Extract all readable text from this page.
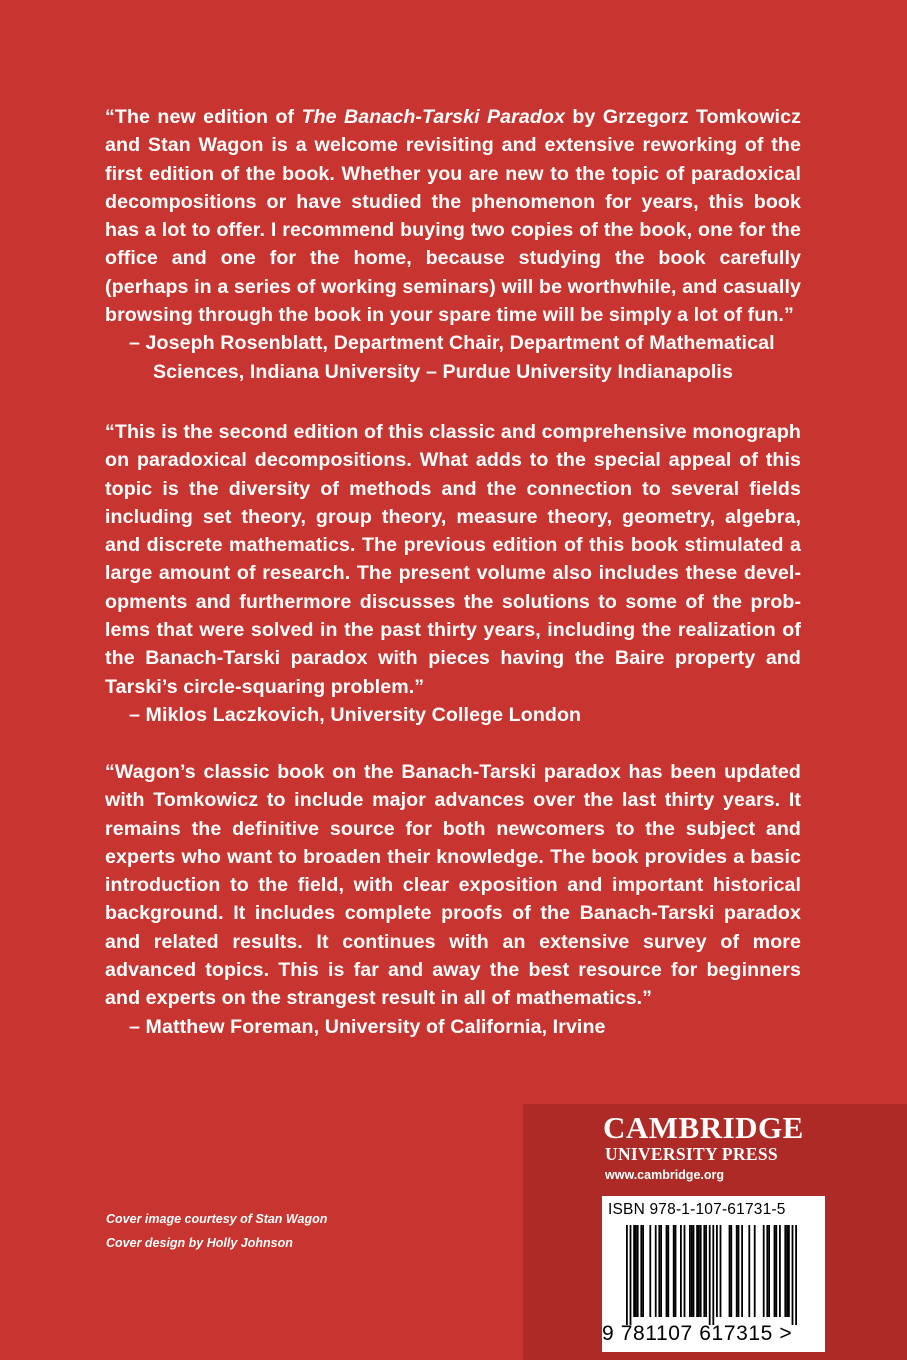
“The new edition of The Banach-Tarski Paradox by Grzegorz Tomkowicz and Stan Wagon is a welcome revisiting and extensive reworking of the first edition of the book. Whether you are new to the topic of paradoxical decompositions or have studied the phenomenon for years, this book has a lot to offer. I recommend buying two copies of the book, one for the office and one for the home, because studying the book carefully (perhaps in a series of working seminars) will be worthwhile, and casually browsing through the book in your spare time will be simply a lot of fun.”

– Joseph Rosenblatt, Department Chair, Department of Mathematical Sciences, Indiana University – Purdue University Indianapolis

“This is the second edition of this classic and comprehensive monograph on paradoxical decompositions. What adds to the special appeal of this topic is the diversity of methods and the connection to several fields including set theory, group theory, measure theory, geometry, algebra, and discrete mathematics. The previous edition of this book stimulated a large amount of research. The present volume also includes these developments and furthermore discusses the solutions to some of the problems that were solved in the past thirty years, including the realization of the Banach-Tarski paradox with pieces having the Baire property and Tarski’s circle-squaring problem.”

– Miklos Laczkovich, University College London

“Wagon’s classic book on the Banach-Tarski paradox has been updated with Tomkowicz to include major advances over the last thirty years. It remains the definitive source for both newcomers to the subject and experts who want to broaden their knowledge. The book provides a basic introduction to the field, with clear exposition and important historical background. It includes complete proofs of the Banach-Tarski paradox and related results. It continues with an extensive survey of more advanced topics. This is far and away the best resource for beginners and experts on the strangest result in all of mathematics.”

– Matthew Foreman, University of California, Irvine

Cover image courtesy of Stan Wagon
Cover design by Holly Johnson
CAMBRIDGE
UNIVERSITY PRESS
www.cambridge.org
ISBN 978-1-107-61731-5
9 781107 617315 >
